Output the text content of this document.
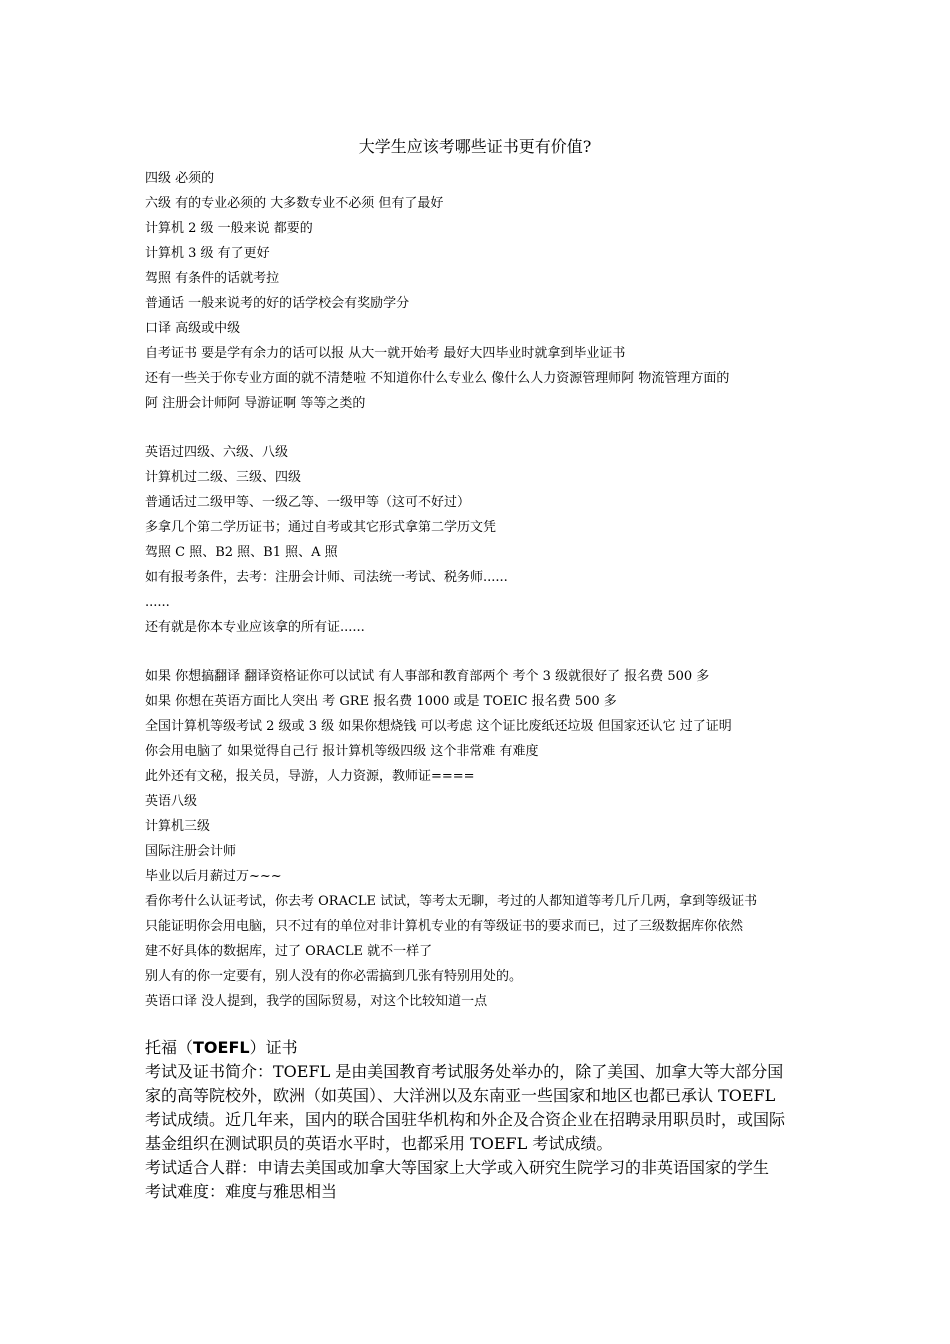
大学生应该考哪些证书更有价值?
四级 必须的
六级 有的专业必须的 大多数专业不必须 但有了最好
计算机 2 级 一般来说 都要的
计算机 3 级 有了更好
驾照 有条件的话就考拉
普通话 一般来说考的好的话学校会有奖励学分
口译 高级或中级
自考证书 要是学有余力的话可以报 从大一就开始考 最好大四毕业时就拿到毕业证书
还有一些关于你专业方面的就不清楚啦 不知道你什么专业么 像什么人力资源管理师阿 物流管理方面的
阿 注册会计师阿 导游证啊 等等之类的
英语过四级、六级、八级
计算机过二级、三级、四级
普通话过二级甲等、一级乙等、一级甲等（这可不好过）
多拿几个第二学历证书；通过自考或其它形式拿第二学历文凭
驾照 C 照、B2 照、B1 照、A 照
如有报考条件，去考：注册会计师、司法统一考试、税务师......
......
还有就是你本专业应该拿的所有证......
如果 你想搞翻译 翻译资格证你可以试试 有人事部和教育部两个 考个 3 级就很好了 报名费 500 多
如果 你想在英语方面比人突出 考 GRE 报名费 1000 或是 TOEIC 报名费 500 多
全国计算机等级考试 2 级或 3 级 如果你想烧钱 可以考虑 这个证比废纸还垃圾 但国家还认它 过了证明
你会用电脑了 如果觉得自己行 报计算机等级四级 这个非常难 有难度
此外还有文秘，报关员，导游，人力资源，教师证====
英语八级
计算机三级
国际注册会计师
毕业以后月薪过万~~~
看你考什么认证考试，你去考 ORACLE 试试，等考太无聊，考过的人都知道等考几斤几两，拿到等级证书
只能证明你会用电脑，只不过有的单位对非计算机专业的有等级证书的要求而已，过了三级数据库你依然
建不好具体的数据库，过了 ORACLE 就不一样了
别人有的你一定要有，别人没有的你必需搞到几张有特别用处的。
英语口译 没人提到，我学的国际贸易，对这个比较知道一点
托福（TOEFL）证书
考试及证书简介：TOEFL 是由美国教育考试服务处举办的，除了美国、加拿大等大部分国
家的高等院校外，欧洲（如英国）、大洋洲以及东南亚一些国家和地区也都已承认 TOEFL
考试成绩。近几年来，国内的联合国驻华机构和外企及合资企业在招聘录用职员时，或国际
基金组织在测试职员的英语水平时，也都采用 TOEFL 考试成绩。
考试适合人群：申请去美国或加拿大等国家上大学或入研究生院学习的非英语国家的学生
考试难度：难度与雅思相当
